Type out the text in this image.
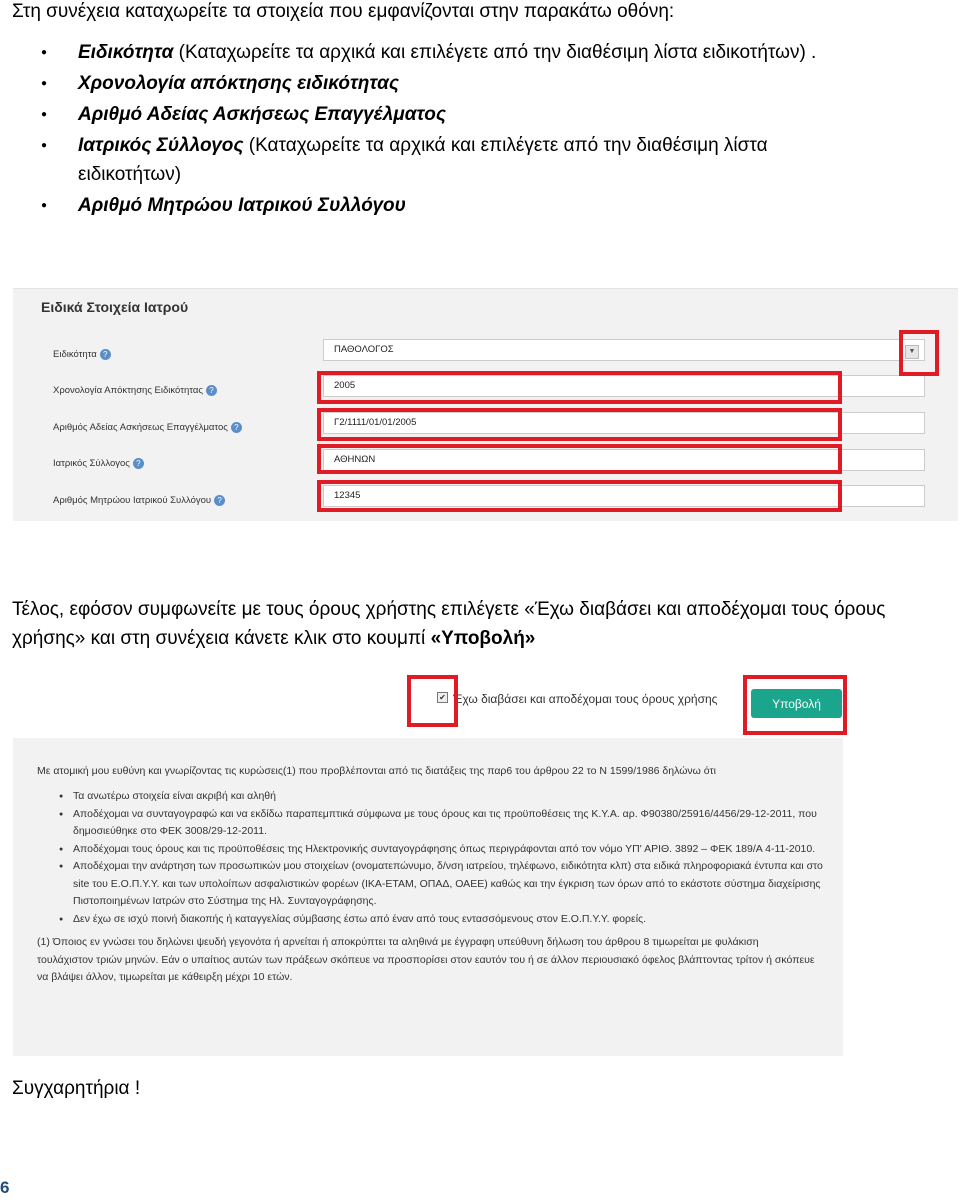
Στη συνέχεια καταχωρείτε τα στοιχεία που εμφανίζονται στην παρακάτω οθόνη:
● Ειδικότητα (Καταχωρείτε τα αρχικά και επιλέγετε από την διαθέσιμη λίστα ειδικοτήτων) .
● Χρονολογία απόκτησης ειδικότητας
● Αριθμό Αδείας Ασκήσεως Επαγγέλματος
● Ιατρικός Σύλλογος (Καταχωρείτε τα αρχικά και επιλέγετε από την διαθέσιμη λίστα ειδικοτήτων)
● Αριθμό Μητρώου Ιατρικού Συλλόγου
Ειδικά Στοιχεία Ιατρού
Ειδικότητα ?	ΠΑΘΟΛΟΓΟΣ	▼
Χρονολογία Απόκτησης Ειδικότητας ?	2005
Αριθμός Αδείας Ασκήσεως Επαγγέλματος ?	Γ2/1111/01/01/2005
Ιατρικός Σύλλογος ?	ΑΘΗΝΩΝ
Αριθμός Μητρώου Ιατρικού Συλλόγου ?	12345
Τέλος, εφόσον συμφωνείτε με τους όρους χρήστης επιλέγετε «Έχω διαβάσει και αποδέχομαι τους όρους χρήσης» και στη συνέχεια κάνετε κλικ στο κουμπί «Υποβολή»
✔ Έχω διαβάσει και αποδέχομαι τους όρους χρήσης	Υποβολή
Με ατομική μου ευθύνη και γνωρίζοντας τις κυρώσεις(1) που προβλέπονται από τις διατάξεις της παρ6 του άρθρου 22 το Ν 1599/1986 δηλώνω ότι
● Τα ανωτέρω στοιχεία είναι ακριβή και αληθή
● Αποδέχομαι να συνταγογραφώ και να εκδίδω παραπεμπτικά σύμφωνα με τους όρους και τις προϋποθέσεις της Κ.Υ.Α. αρ. Φ90380/25916/4456/29-12-2011, που δημοσιεύθηκε στο ΦΕΚ 3008/29-12-2011.
● Αποδέχομαι τους όρους και τις προϋποθέσεις της Ηλεκτρονικής συνταγογράφησης όπως περιγράφονται από τον νόμο ΥΠ' ΑΡΙΘ. 3892 – ΦΕΚ 189/Α 4-11-2010.
● Αποδέχομαι την ανάρτηση των προσωπικών μου στοιχείων (ονοματεπώνυμο, δ/νση ιατρείου, τηλέφωνο, ειδικότητα κλπ) στα ειδικά πληροφοριακά έντυπα και στο site του Ε.Ο.Π.Υ.Υ. και των υπολοίπων ασφαλιστικών φορέων (ΙΚΑ-ΕΤΑΜ, ΟΠΑΔ, ΟΑΕΕ) καθώς και την έγκριση των όρων από το εκάστοτε σύστημα διαχείρισης Πιστοποιημένων Ιατρών στο Σύστημα της Ηλ. Συνταγογράφησης.
● Δεν έχω σε ισχύ ποινή διακοπής ή καταγγελίας σύμβασης έστω από έναν από τους εντασσόμενους στον Ε.Ο.Π.Υ.Υ. φορείς.
(1) Όποιος εν γνώσει του δηλώνει ψευδή γεγονότα ή αρνείται ή αποκρύπτει τα αληθινά με έγγραφη υπεύθυνη δήλωση του άρθρου 8 τιμωρείται με φυλάκιση τουλάχιστον τριών μηνών. Εάν ο υπαίτιος αυτών των πράξεων σκόπευε να προσπορίσει στον εαυτόν του ή σε άλλον περιουσιακό όφελος βλάπτοντας τρίτον ή σκόπευε να βλάψει άλλον, τιμωρείται με κάθειρξη μέχρι 10 ετών.
Συγχαρητήρια !
6
